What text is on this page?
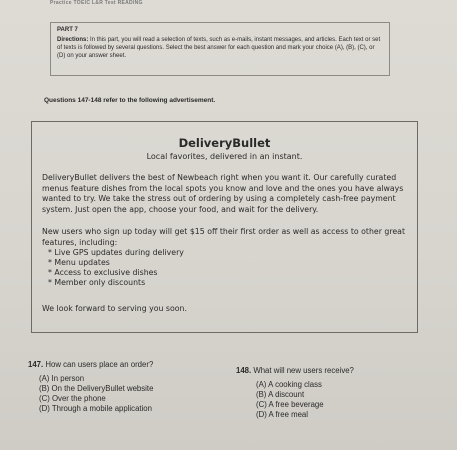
Practice TOEIC L&R Test READING
PART 7
Directions: In this part, you will read a selection of texts, such as e-mails, instant messages, and articles. Each text or set of texts is followed by several questions. Select the best answer for each question and mark your choice (A), (B), (C), or (D) on your answer sheet.
Questions 147-148 refer to the following advertisement.
DeliveryBullet
Local favorites, delivered in an instant.
DeliveryBullet delivers the best of Newbeach right when you want it. Our carefully curated menus feature dishes from the local spots you know and love and the ones you have always wanted to try. We take the stress out of ordering by using a completely cash-free payment system. Just open the app, choose your food, and wait for the delivery.
New users who sign up today will get $15 off their first order as well as access to other great features, including:
* Live GPS updates during delivery
* Menu updates
* Access to exclusive dishes
* Member only discounts
We look forward to serving you soon.
147. How can users place an order?
(A) In person
(B) On the DeliveryBullet website
(C) Over the phone
(D) Through a mobile application
148. What will new users receive?
(A) A cooking class
(B) A discount
(C) A free beverage
(D) A free meal
